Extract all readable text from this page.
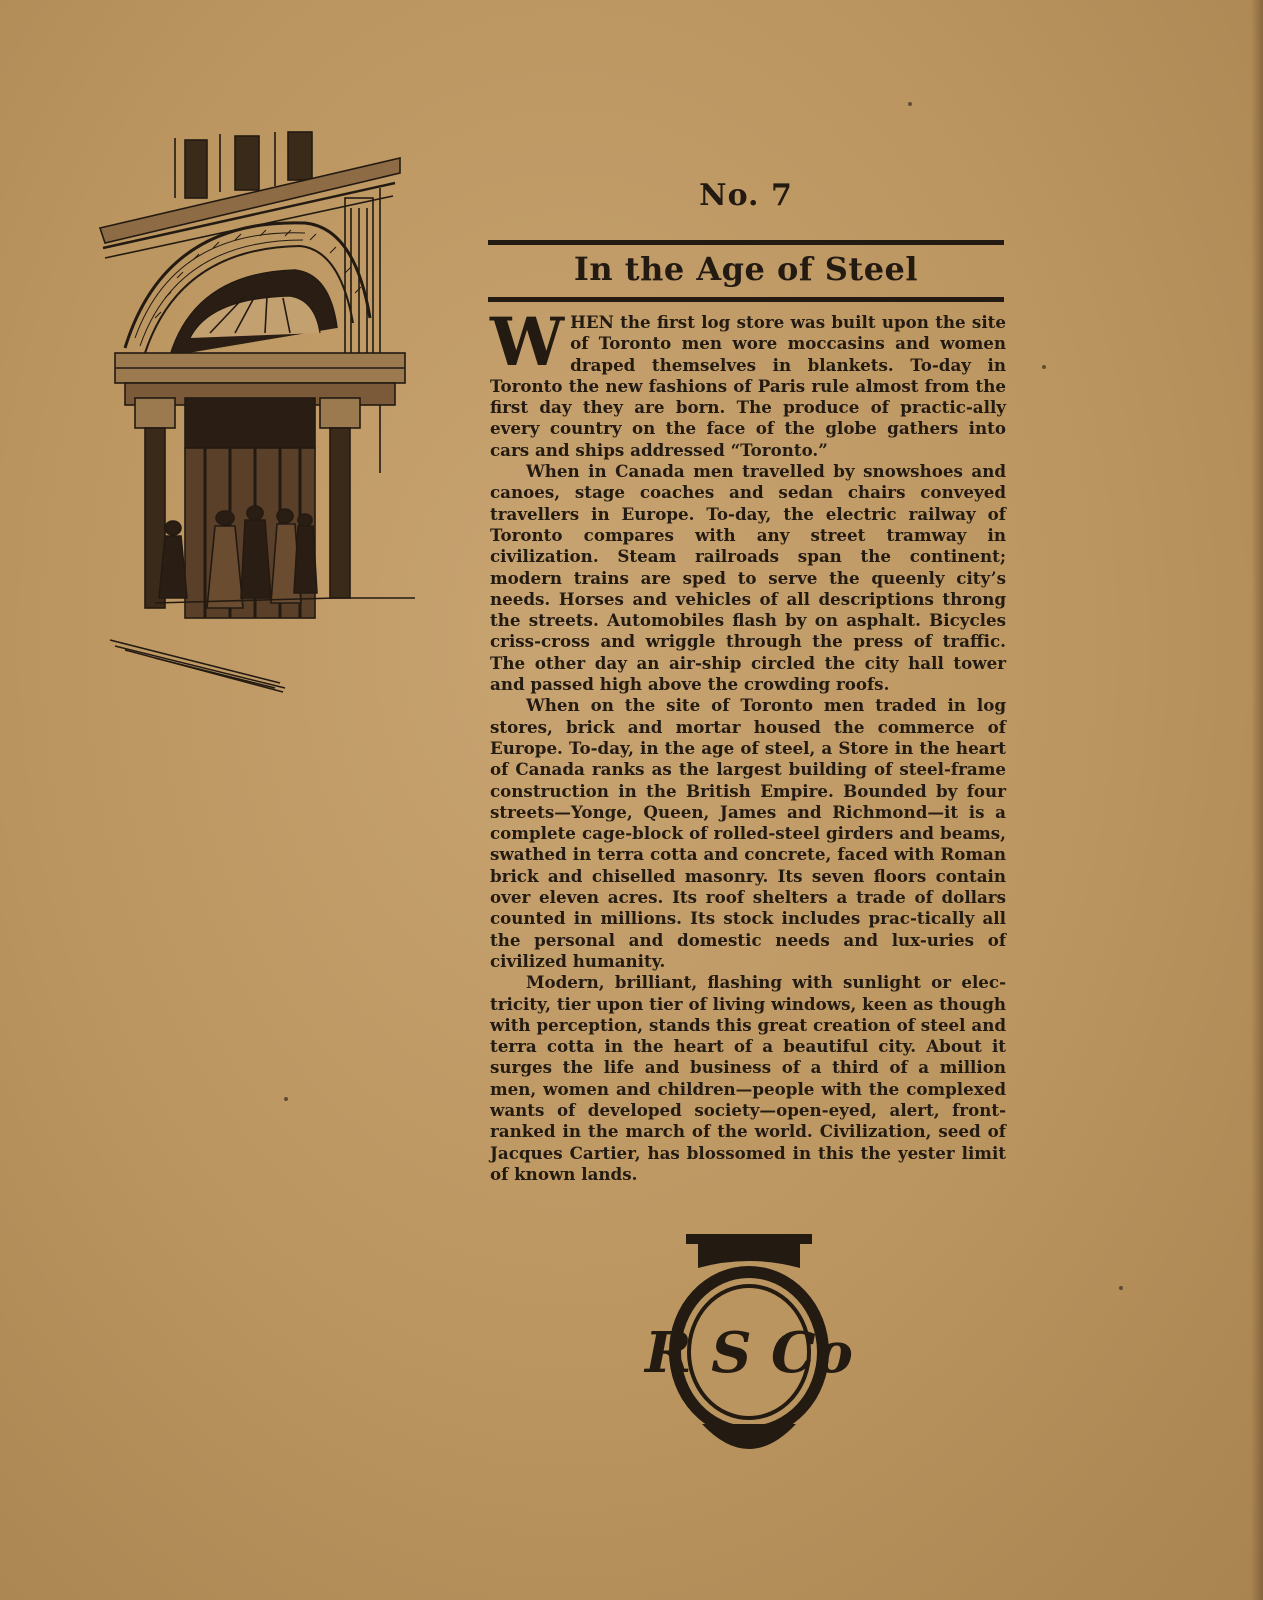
No. 7
In the Age of Steel

WHEN the first log store was built upon the site of Toronto men wore moccasins and women draped themselves in blankets. To-day in Toronto the new fashions of Paris rule almost from the first day they are born. The produce of practic-ally every country on the face of the globe gathers into cars and ships addressed “Toronto.”

When in Canada men travelled by snowshoes and canoes, stage coaches and sedan chairs conveyed travellers in Europe. To-day, the electric railway of Toronto compares with any street tramway in civilization. Steam railroads span the continent; modern trains are sped to serve the queenly city’s needs. Horses and vehicles of all descriptions throng the streets. Automobiles flash by on asphalt. Bicycles criss-cross and wriggle through the press of traffic. The other day an air-ship circled the city hall tower and passed high above the crowding roofs.

When on the site of Toronto men traded in log stores, brick and mortar housed the commerce of Europe. To-day, in the age of steel, a Store in the heart of Canada ranks as the largest building of steel-frame construction in the British Empire. Bounded by four streets—Yonge, Queen, James and Richmond—it is a complete cage-block of rolled-steel girders and beams, swathed in terra cotta and concrete, faced with Roman brick and chiselled masonry. Its seven floors contain over eleven acres. Its roof shelters a trade of dollars counted in millions. Its stock includes prac-tically all the personal and domestic needs and lux-uries of civilized humanity.

Modern, brilliant, flashing with sunlight or elec-tricity, tier upon tier of living windows, keen as though with perception, stands this great creation of steel and terra cotta in the heart of a beautiful city. About it surges the life and business of a third of a million men, women and children—people with the complexed wants of developed society—open-eyed, alert, front-ranked in the march of the world. Civilization, seed of Jacques Cartier, has blossomed in this the yester limit of known lands.

R S Co
